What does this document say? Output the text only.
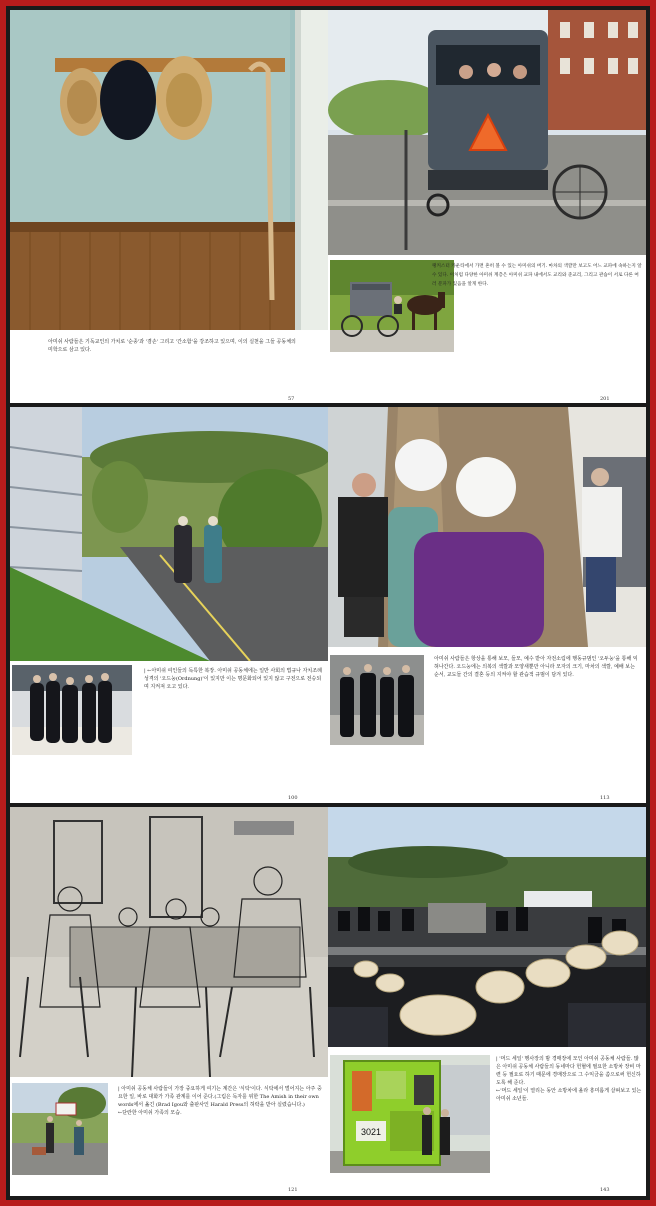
아미쉬 사람들은 기독교인의 가치로 '순종'과 '겸손' 그리고 '간소함'을 강조하고 있으며, 이의 실천을 그들 공동체의 미학으로 삼고 있다.
57
랭커스터 카운티에서 가면 흔히 볼 수 있는 아미쉬의 버기. 마차의 색깔만 보고도 어느 교파에 속하는지 알 수 있다. 이처럼 다양한 아미쉬 계층은 아미쉬 교파 내에서도 교리와 준교리, 그리고 관습이 서로 다른 여러 분파가 있음을 알게 한다.
201
| ←아미쉬 여인들의 독특한 복장. 아미쉬 공동체에는 일반 사회의 법규나 자치조례 성격의 '오드눙(Ordnung)'이 있지만 이는 명문화되어 있지 않고 구전으로 전승되며 지켜져 오고 있다.
100
아미쉬 사람들은 항상을 통해 보모, 들모, 예수 받아 자전소림에 행동규범인 '오두눙'을 통해 익혀나간다. 오드눙에는 의복의 색깔과 모양새뿐만 아니라 모자의 크기, 마차의 색깔, 예배 보는 순서, 교도들 간의 결혼 등의 지켜야 할 관습적 규범이 담겨 있다.
113
| 아미쉬 공동체 사람들이 가장 중요하게 여기는 계간은 '식탁'이다. 식탁에서 벌어지는 아주 중요한 일, 바로 대화가 가족 관계를 이어 준다.(그림은 독자를 위한 The Amish in their own words에서 옮긴 (Brad Igou와 출판사인 Harald Press의 허락을 받아 실렸습니다.)
←단란한 아미쉬 가족의 모습.
121
3021
| '머드 세일' 행사장의 밤 경매장에 모인 아미쉬 공동체 사람들. 많은 아미쉬 공동체 사람들의 동네마다 헌혈에 필요한 소방차 장비 마련 등 필요로 하기 때문에 경매장으로 그 수익금을 씀으로써 헌신하도록 해 준다.
←'머드 세일'이 열리는 동안 소방차에 올라 흥미롭게 살펴보고 있는 아미쉬 소년들.
143
